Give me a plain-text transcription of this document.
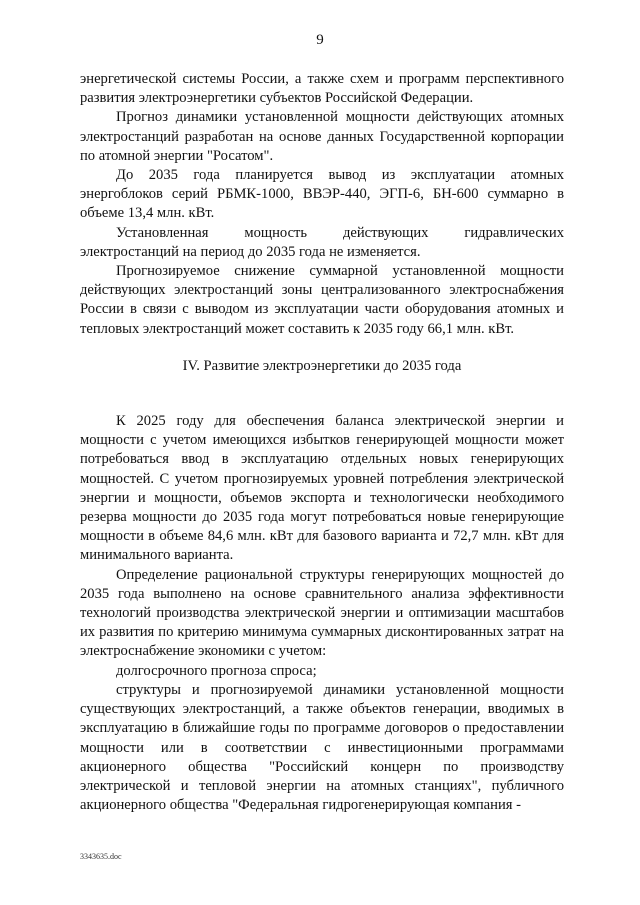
9

энергетической системы России, а также схем и программ перспективного развития электроэнергетики субъектов Российской Федерации.

Прогноз динамики установленной мощности действующих атомных электростанций разработан на основе данных Государственной корпорации по атомной энергии "Росатом".

До 2035 года планируется вывод из эксплуатации атомных энергоблоков серий РБМК-1000, ВВЭР-440, ЭГП-6, БН-600 суммарно в объеме 13,4 млн. кВт.

Установленная мощность действующих гидравлических электростанций на период до 2035 года не изменяется.

Прогнозируемое снижение суммарной установленной мощности действующих электростанций зоны централизованного электроснабжения России в связи с выводом из эксплуатации части оборудования атомных и тепловых электростанций может составить к 2035 году 66,1 млн. кВт.

IV. Развитие электроэнергетики до 2035 года

К 2025 году для обеспечения баланса электрической энергии и мощности с учетом имеющихся избытков генерирующей мощности может потребоваться ввод в эксплуатацию отдельных новых генерирующих мощностей. С учетом прогнозируемых уровней потребления электрической энергии и мощности, объемов экспорта и технологически необходимого резерва мощности до 2035 года могут потребоваться новые генерирующие мощности в объеме 84,6 млн. кВт для базового варианта и 72,7 млн. кВт для минимального варианта.

Определение рациональной структуры генерирующих мощностей до 2035 года выполнено на основе сравнительного анализа эффективности технологий производства электрической энергии и оптимизации масштабов их развития по критерию минимума суммарных дисконтированных затрат на электроснабжение экономики с учетом:

долгосрочного прогноза спроса;

структуры и прогнозируемой динамики установленной мощности существующих электростанций, а также объектов генерации, вводимых в эксплуатацию в ближайшие годы по программе договоров о предоставлении мощности или в соответствии с инвестиционными программами акционерного общества "Российский концерн по производству электрической и тепловой энергии на атомных станциях", публичного акционерного общества "Федеральная гидрогенерирующая компания -

3343635.doc
